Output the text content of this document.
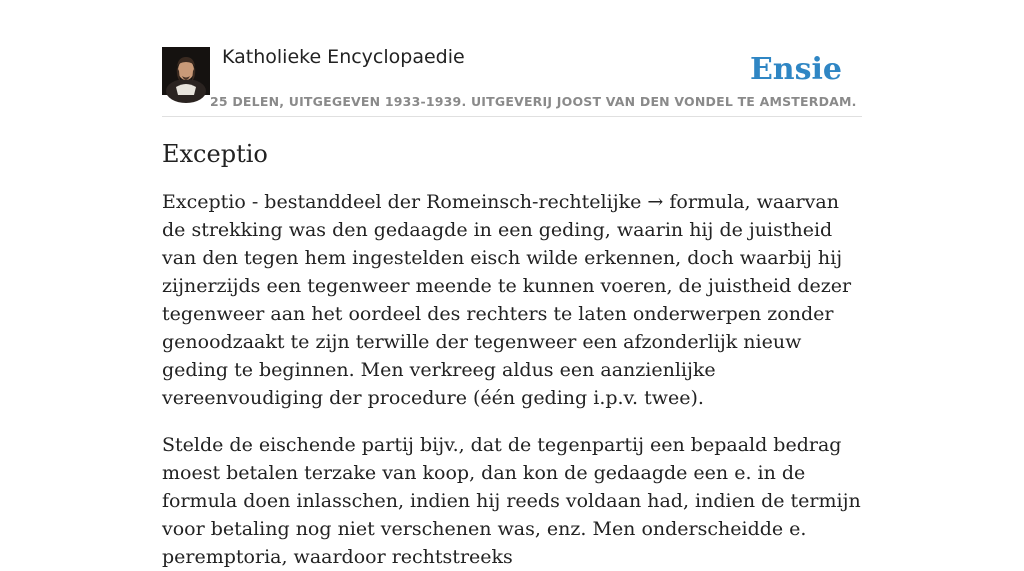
Katholieke Encyclopaedie	Ensie
25 DELEN, UITGEGEVEN 1933-1939. UITGEVERIJ JOOST VAN DEN VONDEL TE AMSTERDAM.
Exceptio

Exceptio - bestanddeel der Romeinsch-rechtelijke → formula, waarvan de strekking was den gedaagde in een geding, waarin hij de juistheid van den tegen hem ingestelden eisch wilde erkennen, doch waarbij hij zijnerzijds een tegenweer meende te kunnen voeren, de juistheid dezer tegenweer aan het oordeel des rechters te laten onderwerpen zonder genoodzaakt te zijn terwille der tegenweer een afzonderlijk nieuw geding te beginnen. Men verkreeg aldus een aanzienlijke vereenvoudiging der procedure (één geding i.p.v. twee).

Stelde de eischende partij bijv., dat de tegenpartij een bepaald bedrag moest betalen terzake van koop, dan kon de gedaagde een e. in de formula doen inlasschen, indien hij reeds voldaan had, indien de termijn voor betaling nog niet verschenen was, enz. Men onderscheidde e. peremptoria, waardoor rechtstreeks
